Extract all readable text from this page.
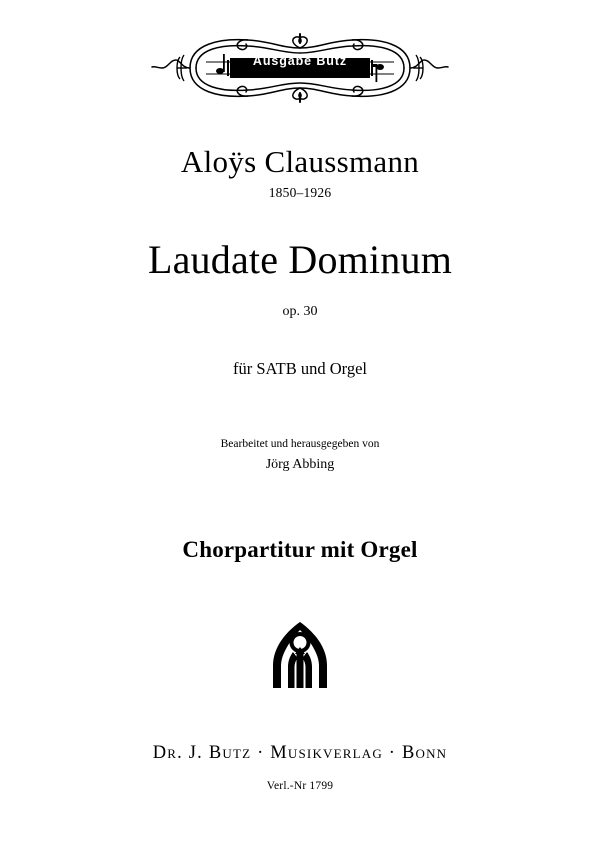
Ausgabe Butz
Aloÿs Claussmann
1850–1926
Laudate Dominum
op. 30
für SATB und Orgel
Bearbeitet und herausgegeben von
Jörg Abbing
Chorpartitur mit Orgel
Dr. J. Butz · Musikverlag · Bonn
Verl.-Nr 1799
